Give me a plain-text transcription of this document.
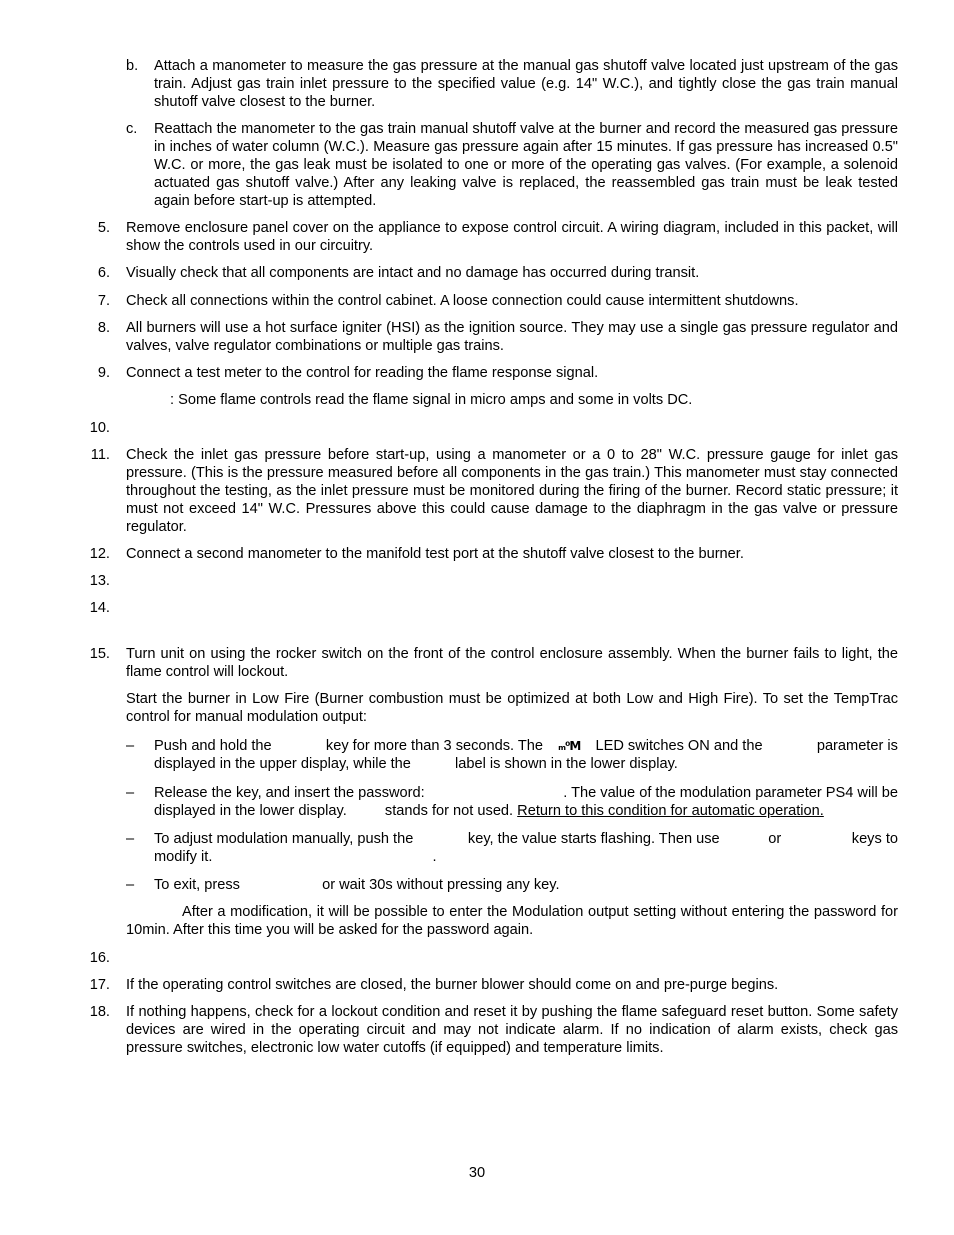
b.	Attach a manometer to measure the gas pressure at the manual gas shutoff valve located just upstream of the gas train. Adjust gas train inlet pressure to the specified value (e.g. 14" W.C.), and tightly close the gas train manual shutoff valve closest to the burner.
c.	Reattach the manometer to the gas train manual shutoff valve at the burner and record the measured gas pressure in inches of water column (W.C.). Measure gas pressure again after 15 minutes. If gas pressure has increased 0.5" W.C. or more, the gas leak must be isolated to one or more of the operating gas valves. (For example, a solenoid actuated gas shutoff valve.) After any leaking valve is replaced, the reassembled gas train must be leak tested again before start-up is attempted.
5. Remove enclosure panel cover on the appliance to expose control circuit. A wiring diagram, included in this packet, will show the controls used in our circuitry.
6. Visually check that all components are intact and no damage has occurred during transit.
7. Check all connections within the control cabinet. A loose connection could cause intermittent shutdowns.
8. All burners will use a hot surface igniter (HSI) as the ignition source. They may use a single gas pressure regulator and valves, valve regulator combinations or multiple gas trains.
9. Connect a test meter to the control for reading the flame response signal.
: Some flame controls read the flame signal in micro amps and some in volts DC.
10.
11. Check the inlet gas pressure before start-up, using a manometer or a 0 to 28" W.C. pressure gauge for inlet gas pressure. (This is the pressure measured before all components in the gas train.) This manometer must stay connected throughout the testing, as the inlet pressure must be monitored during the firing of the burner. Record static pressure; it must not exceed 14" W.C. Pressures above this could cause damage to the diaphragm in the gas valve or pressure regulator.
12. Connect a second manometer to the manifold test port at the shutoff valve closest to the burner.
13.
14.
15. Turn unit on using the rocker switch on the front of the control enclosure assembly. When the burner fails to light, the flame control will lockout.
Start the burner in Low Fire (Burner combustion must be optimized at both Low and High Fire). To set the TempTrac control for manual modulation output:
–	Push and hold the	key for more than 3 seconds. The ₘ⁰M LED switches ON and the	parameter is
displayed in the upper display, while the	label is shown in the lower display.
–	Release the key, and insert the password:	. The value of the modulation parameter PS4 will be
displayed in the lower display.	stands for not used. Return to this condition for automatic operation.
–	To adjust modulation manually, push the	key, the value starts flashing. Then use	or	keys to
modify it.	.
–	To exit, press	or wait 30s without pressing any key.
After a modification, it will be possible to enter the Modulation output setting without entering the password for 10min. After this time you will be asked for the password again.
16.
17. If the operating control switches are closed, the burner blower should come on and pre-purge begins.
18. If nothing happens, check for a lockout condition and reset it by pushing the flame safeguard reset button. Some safety devices are wired in the operating circuit and may not indicate alarm. If no indication of alarm exists, check gas pressure switches, electronic low water cutoffs (if equipped) and temperature limits.
30
